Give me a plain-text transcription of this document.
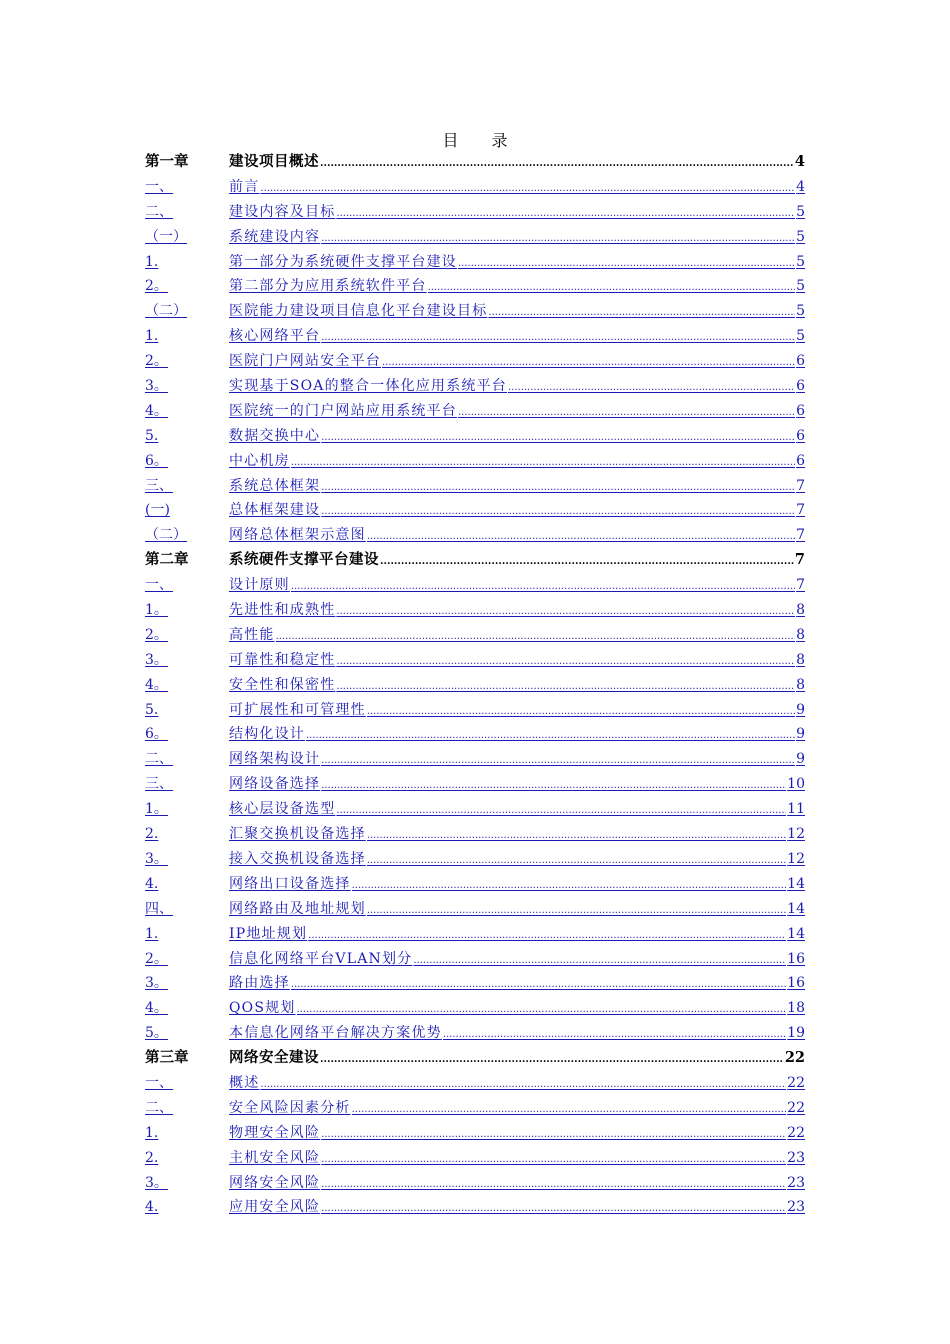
目 录
第一章	建设项目概述 .....	4
一、	前言 .....	4
二、	建设内容及目标 .....	5
（一）	系统建设内容 .....	5
1.	第一部分为系统硬件支撑平台建设 .....	5
2。	第二部分为应用系统软件平台 .....	5
（二）	医院能力建设项目信息化平台建设目标 .....	5
1.	核心网络平台 .....	5
2。	医院门户网站安全平台 .....	6
3。	实现基于SOA的整合一体化应用系统平台 .....	6
4。	医院统一的门户网站应用系统平台 .....	6
5.	数据交换中心 .....	6
6。	中心机房 .....	6
三、	系统总体框架 .....	7
(一)	总体框架建设 .....	7
（二）	网络总体框架示意图 .....	7
第二章	系统硬件支撑平台建设 .....	7
一、	设计原则 .....	7
1。	先进性和成熟性 .....	8
2。	高性能 .....	8
3。	可靠性和稳定性 .....	8
4。	安全性和保密性 .....	8
5.	可扩展性和可管理性 .....	9
6。	结构化设计 .....	9
二、	网络架构设计 .....	9
三、	网络设备选择 .....	10
1。	核心层设备选型 .....	11
2.	汇聚交换机设备选择 .....	12
3。	接入交换机设备选择 .....	12
4.	网络出口设备选择 .....	14
四、	网络路由及地址规划 .....	14
1.	IP地址规划 .....	14
2。	信息化网络平台VLAN划分 .....	16
3。	路由选择 .....	16
4。	QOS规划 .....	18
5。	本信息化网络平台解决方案优势 .....	19
第三章	网络安全建设 .....	22
一、	概述 .....	22
二、	安全风险因素分析 .....	22
1.	物理安全风险 .....	22
2.	主机安全风险 .....	23
3。	网络安全风险 .....	23
4.	应用安全风险 .....	23
